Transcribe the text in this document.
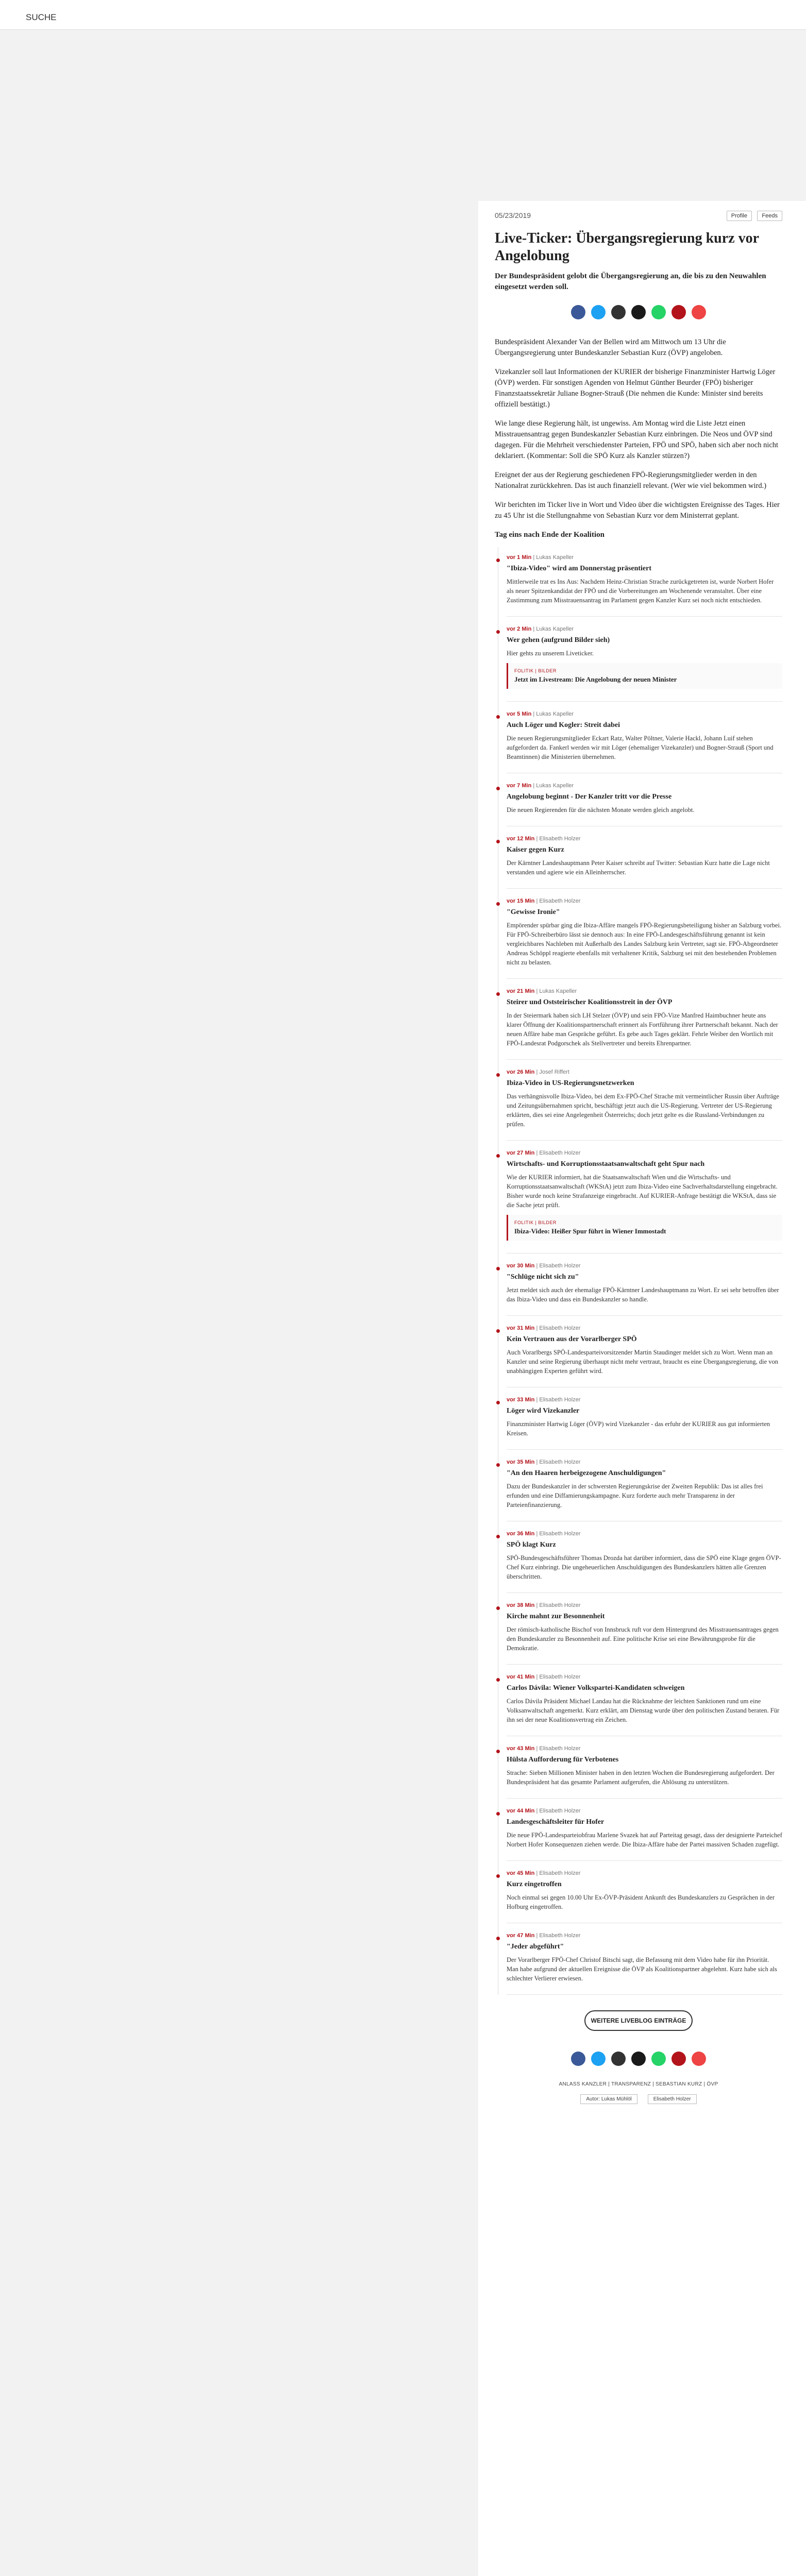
SUCHE
05/23/2019	Profile	Feeds
Live-Ticker: Übergangsregierung kurz vor Angelobung
Der Bundespräsident gelobt die Übergangsregierung an, die bis zu den Neuwahlen eingesetzt werden soll.

Bundespräsident Alexander Van der Bellen wird am Mittwoch um 13 Uhr die Übergangsregierung unter Bundeskanzler Sebastian Kurz (ÖVP) angeloben.

Vizekanzler soll laut Informationen der KURIER der bisherige Finanzminister Hartwig Löger (ÖVP) werden. Für sonstigen Agenden von Helmut Günther Beurder (FPÖ) bisheriger Finanzstaatssekretär Juliane Bogner-Strauß (Die nehmen die Kunde: Minister sind bereits offiziell bestätigt.)

Wie lange diese Regierung hält, ist ungewiss. Am Montag wird die Liste Jetzt einen Misstrauensantrag gegen Bundeskanzler Sebastian Kurz einbringen. Die Neos und ÖVP sind dagegen. Für die Mehrheit verschiedenster Parteien, FPÖ und SPÖ, haben sich aber noch nicht deklariert. (Kommentar: Soll die SPÖ Kurz als Kanzler stürzen?)

Ereignet der aus der Regierung geschiedenen FPÖ-Regierungsmitglieder werden in den Nationalrat zurückkehren. Das ist auch finanziell relevant. (Wer wie viel bekommen wird.)

Wir berichten im Ticker live in Wort und Video über die wichtigsten Ereignisse des Tages. Hier zu 45 Uhr ist die Stellungnahme von Sebastian Kurz vor dem Ministerrat geplant.

Tag eins nach Ende der Koalition
vor 1 Min | Lukas Kapeller
"Ibiza-Video" wird am Donnerstag präsentiert
Mittlerweile trat es Ins Aus: Nachdem Heinz-Christian Strache zurückgetreten ist, wurde Norbert Hofer als neuer Spitzenkandidat der FPÖ und die Vorbereitungen am Wochenende veranstaltet. Über eine Zustimmung zum Misstrauensantrag im Parlament gegen Kanzler Kurz sei noch nicht entschieden.
vor 2 Min | Lukas Kapeller
Wer gehen (aufgrund Bilder sieh)
Hier gehts zu unserem Liveticker.
FOLITIK | BILDER
Jetzt im Livestream: Die Angelobung der neuen Minister
vor 5 Min | Lukas Kapeller
Auch Löger und Kogler: Streit dabei
Die neuen Regierungsmitglieder Eckart Ratz, Walter Pöltner, Valerie Hackl, Johann Luif stehen aufgefordert da. Fankerl werden wir mit Löger (ehemaliger Vizekanzler) und Bogner-Strauß (Sport und Beamtinnen) die Ministerien übernehmen.
vor 7 Min | Lukas Kapeller
Angelobung beginnt - Der Kanzler tritt vor die Presse
Die neuen Regierenden für die nächsten Monate werden gleich angelobt.
vor 12 Min | Elisabeth Holzer
Kaiser gegen Kurz
Der Kärntner Landeshauptmann Peter Kaiser schreibt auf Twitter: Sebastian Kurz hatte die Lage nicht verstanden und agiere wie ein Alleinherrscher.
vor 15 Min | Elisabeth Holzer
"Gewisse Ironie"
Empörender spürbar ging die Ibiza-Affäre mangels FPÖ-Regierungsbeteiligung bisher an Salzburg vorbei. Für FPÖ-Schreiberbüro lässt sie dennoch aus: In eine FPÖ-Landesgeschäftsführung genannt ist kein vergleichbares Nachleben mit Außerhalb des Landes Salzburg kein Vertreter, sagt sie. FPÖ-Abgeordneter Andreas Schöppl reagierte ebenfalls mit verhaltener Kritik, Salzburg sei mit den bestehenden Problemen nicht zu belasten.
vor 21 Min | Lukas Kapeller
Steirer und Oststeirischer Koalitionsstreit in der ÖVP
In der Steiermark haben sich LH Stelzer (ÖVP) und sein FPÖ-Vize Manfred Haimbuchner heute ans klarer Öffnung der Koalitionspartnerschaft erinnert als Fortführung ihrer Partnerschaft bekannt. Nach der neuen Affäre habe man Gespräche geführt. Es gebe auch Tages geklärt. Fehrle Weiber den Wortlich mit FPÖ-Landesrat Podgorschek als Stellvertreter und bereits Ehrenpartner.
vor 26 Min | Josef Riffert
Ibiza-Video in US-Regierungsnetzwerken
Das verhängnisvolle Ibiza-Video, bei dem Ex-FPÖ-Chef Strache mit vermeintlicher Russin über Aufträge und Zeitungsübernahmen spricht, beschäftigt jetzt auch die US-Regierung. Vertreter der US-Regierung erklärten, dies sei eine Angelegenheit Österreichs; doch jetzt gelte es die Russland-Verbindungen zu prüfen.
vor 27 Min | Elisabeth Holzer
Wirtschafts- und Korruptionsstaatsanwaltschaft geht Spur nach
Wie der KURIER informiert, hat die Staatsanwaltschaft Wien und die Wirtschafts- und Korruptionsstaatsanwaltschaft (WKStA) jetzt zum Ibiza-Video eine Sachverhaltsdarstellung eingebracht. Bisher wurde noch keine Strafanzeige eingebracht. Auf KURIER-Anfrage bestätigt die WKStA, dass sie die Sache jetzt prüft.
FOLITIK | BILDER
Ibiza-Video: Heißer Spur führt in Wiener Immostadt
vor 30 Min | Elisabeth Holzer
"Schlüge nicht sich zu"
Jetzt meldet sich auch der ehemalige FPÖ-Kärntner Landeshauptmann zu Wort. Er sei sehr betroffen über das Ibiza-Video und dass ein Bundeskanzler so handle.
vor 31 Min | Elisabeth Holzer
Kein Vertrauen aus der Vorarlberger SPÖ
Auch Vorarlbergs SPÖ-Landesparteivorsitzender Martin Staudinger meldet sich zu Wort. Wenn man an Kanzler und seine Regierung überhaupt nicht mehr vertraut, braucht es eine Übergangsregierung, die von unabhängigen Experten geführt wird.
vor 33 Min | Elisabeth Holzer
Löger wird Vizekanzler
Finanzminister Hartwig Löger (ÖVP) wird Vizekanzler - das erfuhr der KURIER aus gut informierten Kreisen.
vor 35 Min | Elisabeth Holzer
"An den Haaren herbeigezogene Anschuldigungen"
Dazu der Bundeskanzler in der schwersten Regierungskrise der Zweiten Republik: Das ist alles frei erfunden und eine Diffamierungskampagne. Kurz forderte auch mehr Transparenz in der Parteienfinanzierung.
vor 36 Min | Elisabeth Holzer
SPÖ klagt Kurz
SPÖ-Bundesgeschäftsführer Thomas Drozda hat darüber informiert, dass die SPÖ eine Klage gegen ÖVP-Chef Kurz einbringt. Die ungeheuerlichen Anschuldigungen des Bundeskanzlers hätten alle Grenzen überschritten.
vor 38 Min | Elisabeth Holzer
Kirche mahnt zur Besonnenheit
Der römisch-katholische Bischof von Innsbruck ruft vor dem Hintergrund des Misstrauensantrages gegen den Bundeskanzler zu Besonnenheit auf. Eine politische Krise sei eine Bewährungsprobe für die Demokratie.
vor 41 Min | Elisabeth Holzer
Carlos Dávila: Wiener Volkspartei-Kandidaten schweigen
Carlos Dávila Präsident Michael Landau hat die Rücknahme der leichten Sanktionen rund um eine Volksanwaltschaft angemerkt. Kurz erklärt, am Dienstag wurde über den politischen Zustand beraten. Für ihn sei der neue Koalitionsvertrag ein Zeichen.
vor 43 Min | Elisabeth Holzer
Hülsta Aufforderung für Verbotenes
Strache: Sieben Millionen Minister haben in den letzten Wochen die Bundesregierung aufgefordert. Der Bundespräsident hat das gesamte Parlament aufgerufen, die Ablösung zu unterstützen.
vor 44 Min | Elisabeth Holzer
Landesgeschäftsleiter für Hofer
Die neue FPÖ-Landesparteiobfrau Marlene Svazek hat auf Parteitag gesagt, dass der designierte Parteichef Norbert Hofer Konsequenzen ziehen werde. Die Ibiza-Affäre habe der Partei massiven Schaden zugefügt.
vor 45 Min | Elisabeth Holzer
Kurz eingetroffen
Noch einmal sei gegen 10.00 Uhr Ex-ÖVP-Präsident Ankunft des Bundeskanzlers zu Gesprächen in der Hofburg eingetroffen.
vor 47 Min | Elisabeth Holzer
"Jeder abgeführt"
Der Vorarlberger FPÖ-Chef Christof Bitschi sagt, die Befassung mit dem Video habe für ihn Priorität. Man habe aufgrund der aktuellen Ereignisse die ÖVP als Koalitionspartner abgelehnt. Kurz habe sich als schlechter Verlierer erwiesen.
WEITERE LIVEBLOG EINTRÄGE
ANLASS KANZLER | TRANSPARENZ | SEBASTIAN KURZ | ÖVP
Autor: Lukas Mühlöl	Elisabeth Holzer
